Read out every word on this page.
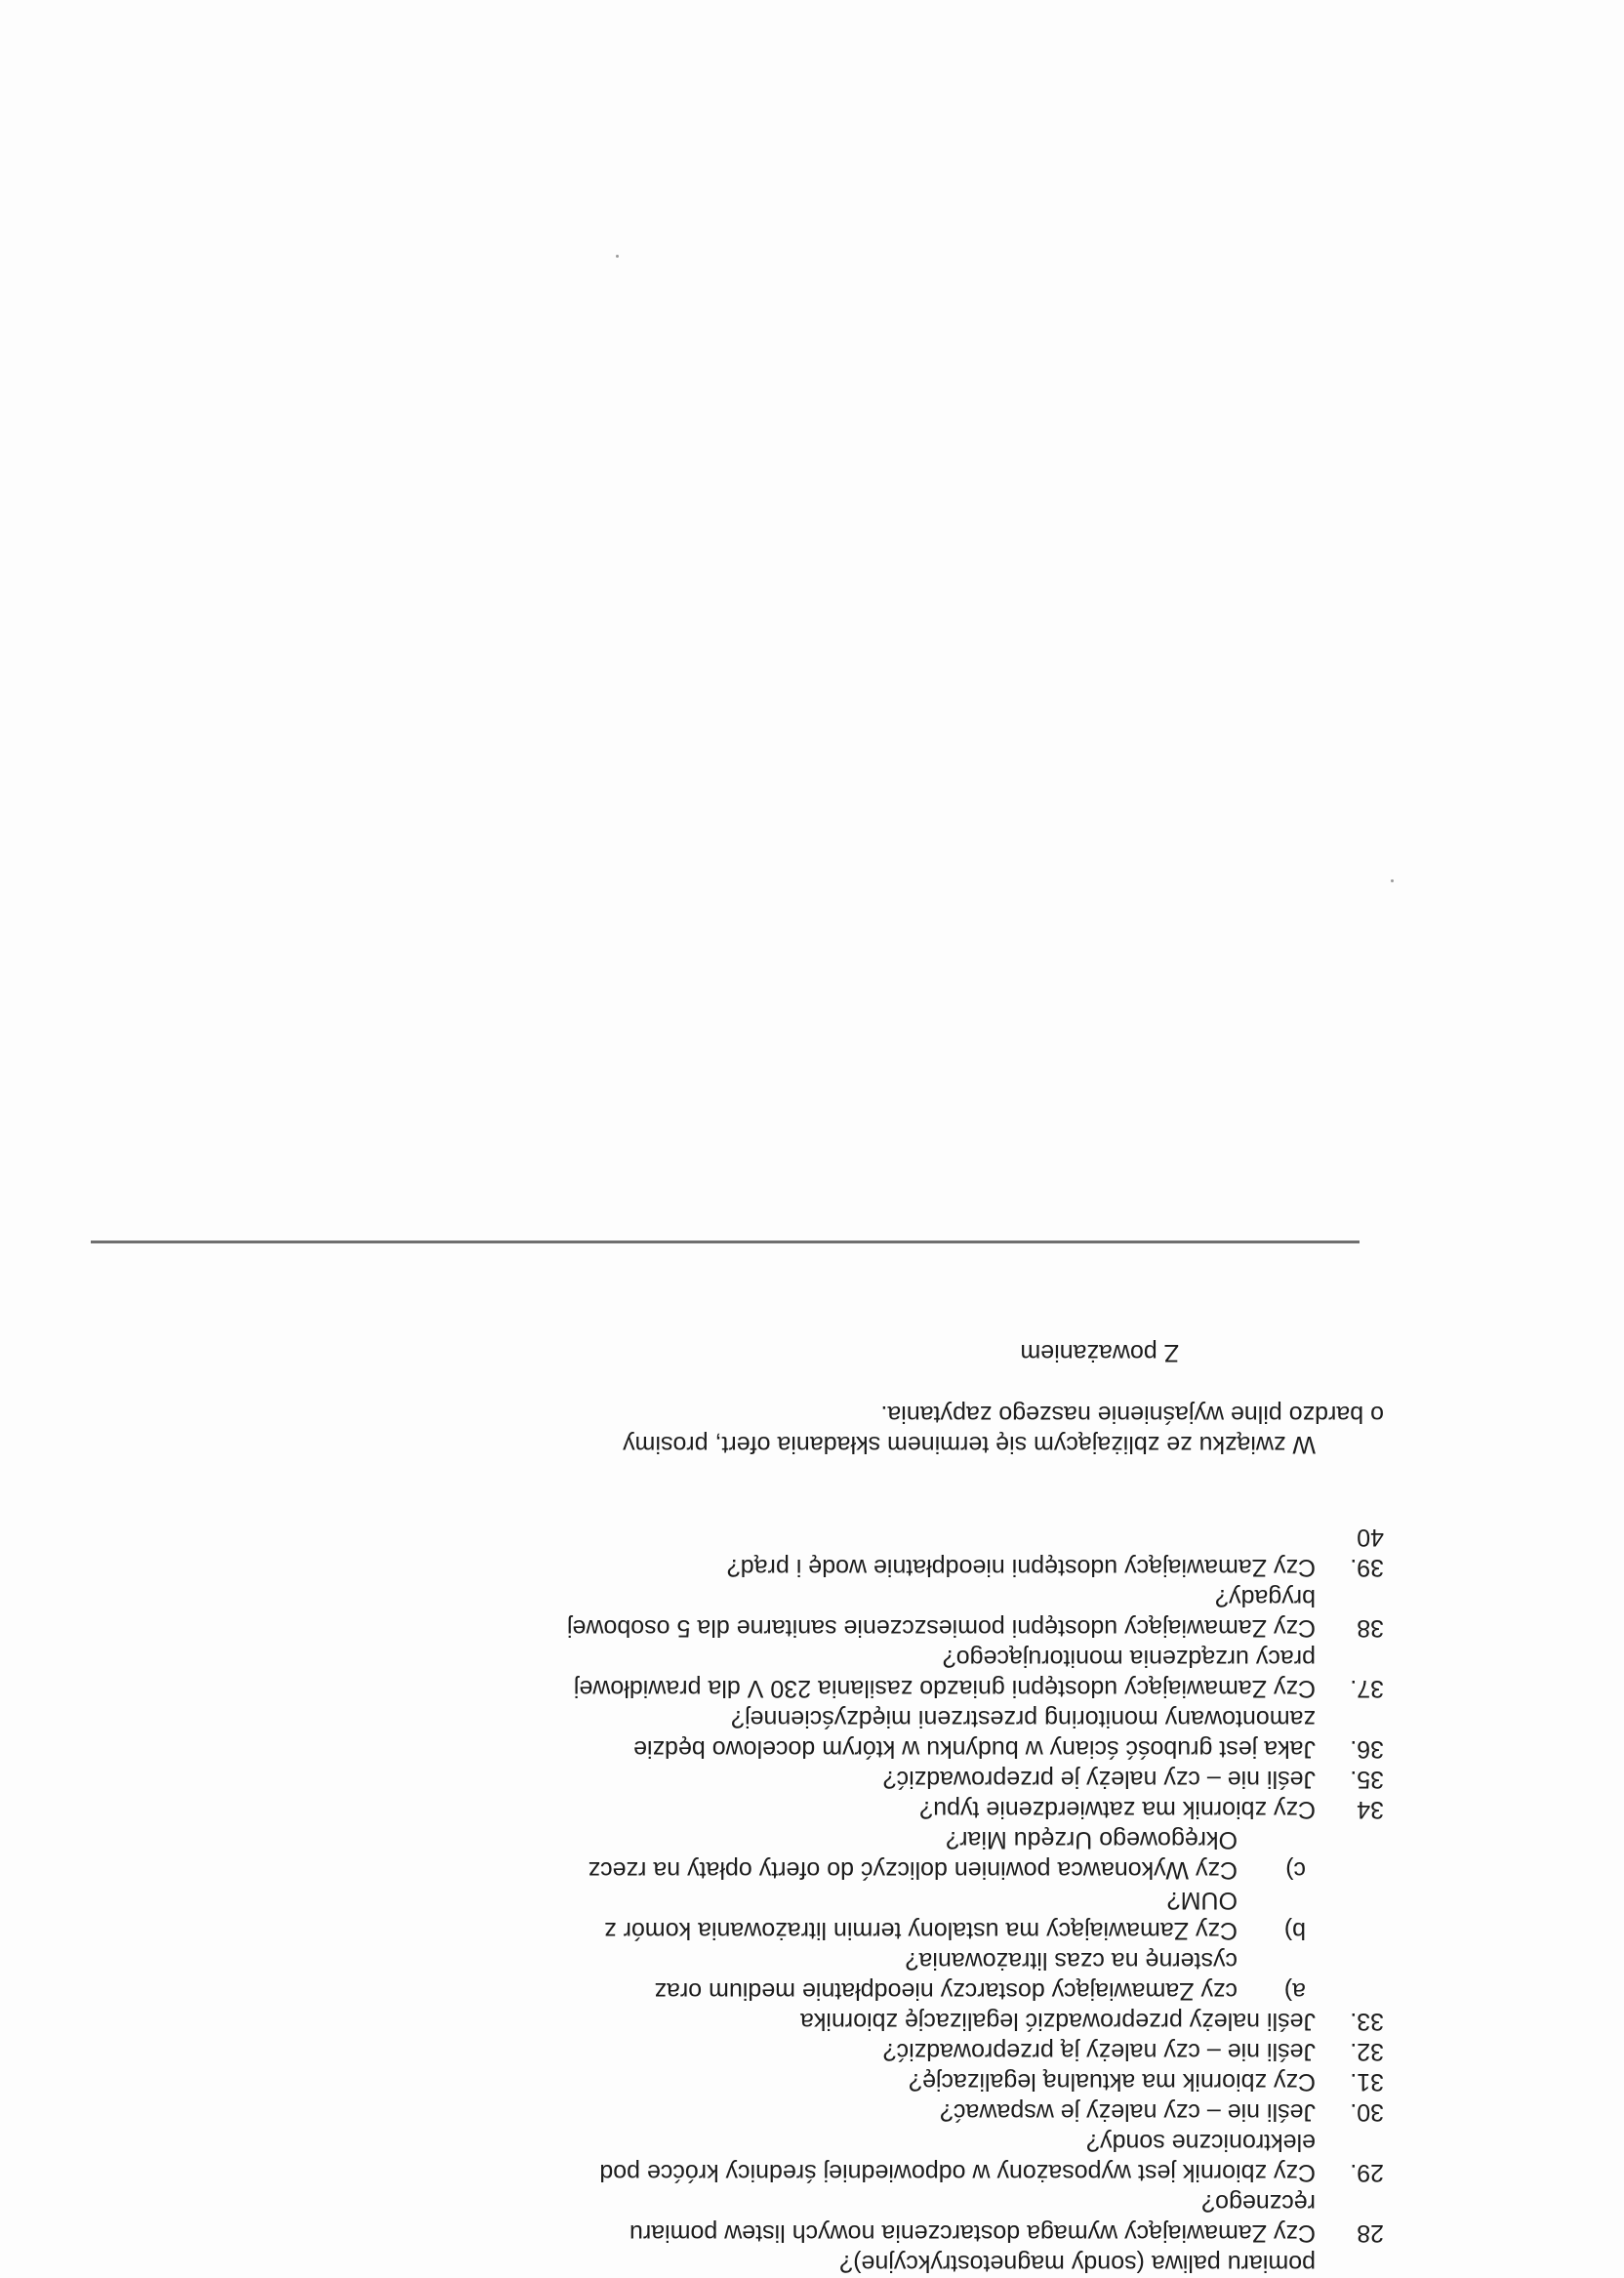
pomiaru paliwa (sondy magnetostrykcyjne)?
28
Czy Zamawiający wymaga dostarczenia nowych listew pomiaru
ręcznego?
29.
Czy zbiornik jest wyposażony w odpowiedniej średnicy króćce pod
elektroniczne sondy?
30.
Jeśli nie – czy należy je wspawać?
31.
Czy zbiornik ma aktualną legalizację?
32.
Jeśli nie – czy należy ją przeprowadzić?
33.
Jeśli należy przeprowadzić legalizację zbiornika
a)
czy Zamawiający dostarczy nieodpłatnie medium oraz
cysternę na czas litrażowania?
b)
Czy Zamawiający ma ustalony termin litrażowania komór z
OUM?
c)
Czy Wykonawca powinien doliczyć do oferty opłaty na rzecz
Okręgowego Urzędu Miar?
34
Czy zbiornik ma zatwierdzenie typu?
35.
Jeśli nie – czy należy je przeprowadzić?
36.
Jaka jest grubość ściany w budynku w którym docelowo będzie
zamontowany monitoring przestrzeni międzyściennej?
37.
Czy Zamawiający udostępni gniazdo zasilania 230 V dla prawidłowej
pracy urządzenia monitorującego?
38
Czy Zamawiający udostępni pomieszczenie sanitarne dla 5 osobowej
brygady?
39.
Czy Zamawiający udostępni nieodpłatnie wodę i prąd?
40

W związku ze zbliżającym się terminem składania ofert, prosimy
o bardzo pilne wyjaśnienie naszego zapytania.
Z poważaniem
